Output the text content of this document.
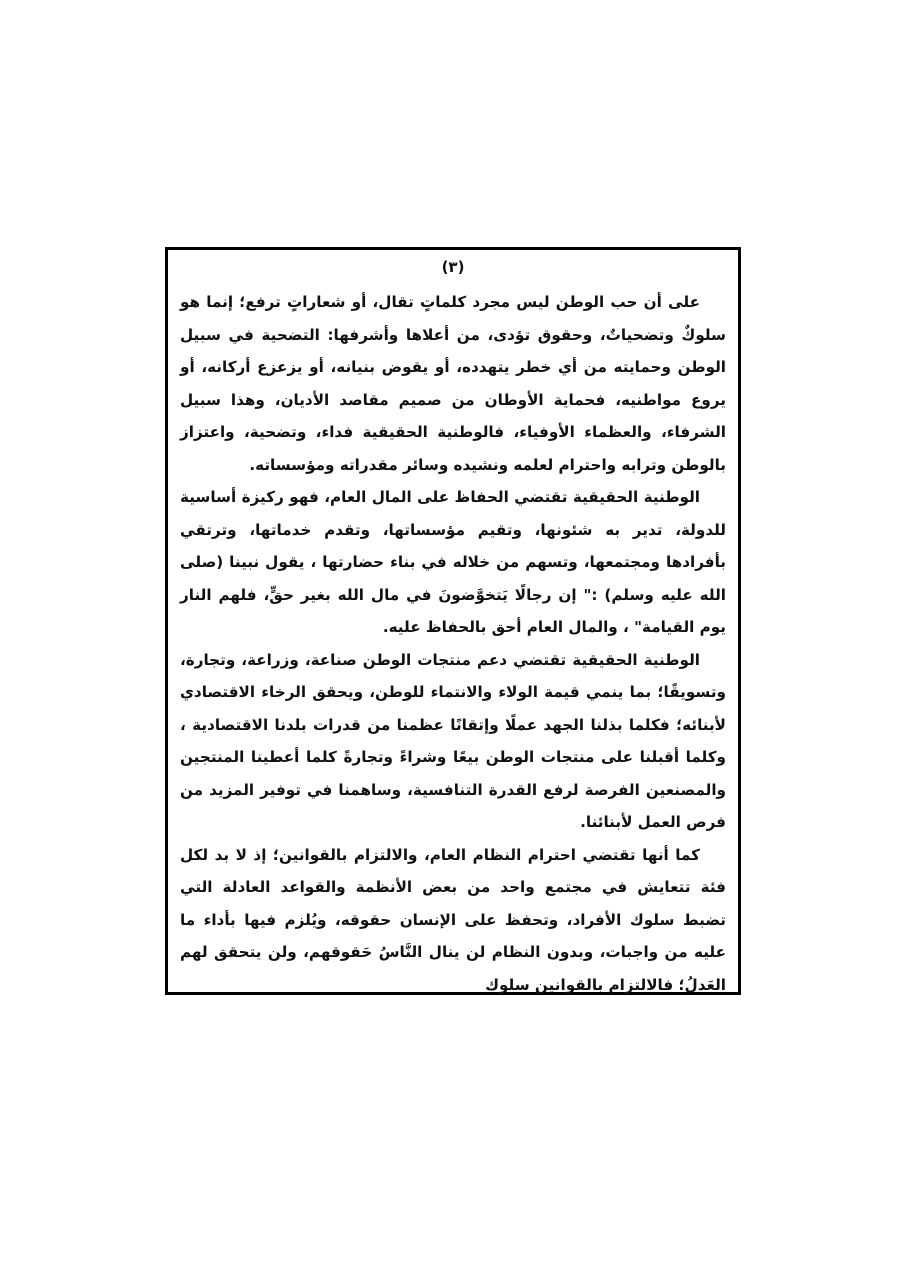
(٣)

على أن حب الوطن ليس مجرد كلماتٍ تقال، أو شعاراتٍ ترفع؛ إنما هو سلوكٌ وتضحياتٌ، وحقوق تؤدى، من أعلاها وأشرفها: التضحية في سبيل الوطن وحمايته من أي خطر يتهدده، أو يقوض بنيانه، أو يزعزع أركانه، أو يروع مواطنيه، فحماية الأوطان من صميم مقاصد الأديان، وهذا سبيل الشرفاء، والعظماء الأوفياء، فالوطنية الحقيقية فداء، وتضحية، واعتزاز بالوطن وترابه واحترام لعلمه ونشيده وسائر مقدراته ومؤسساته.

الوطنية الحقيقية تقتضي الحفاظ على المال العام، فهو ركيزة أساسية للدولة، تدير به شئونها، وتقيم مؤسساتها، وتقدم خدماتها، وترتقي بأفرادها ومجتمعها، وتسهم من خلاله في بناء حضارتها ، يقول نبينا (صلى الله عليه وسلم) :" إن رجالًا يَتخوَّضونَ في مال الله بغير حقٍّ، فلهم النار يوم القيامة" ، والمال العام أحق بالحفاظ عليه.

الوطنية الحقيقية تقتضي دعم منتجات الوطن صناعة، وزراعة، وتجارة، وتسويقًا؛ بما ينمي قيمة الولاء والانتماء للوطن، ويحقق الرخاء الاقتصادي لأبنائه؛ فكلما بذلنا الجهد عملًا وإتقانًا عظمنا من قدرات بلدنا الاقتصادية ، وكلما أقبلنا على منتجات الوطن بيعًا وشراءً وتجارةً كلما أعطينا المنتجين والمصنعين الفرصة لرفع القدرة التنافسية، وساهمنا في توفير المزيد من فرص العمل لأبنائنا.

كما أنها تقتضي احترام النظام العام، والالتزام بالقوانين؛ إذ لا بد لكل فئة تتعايش في مجتمع واحد من بعض الأنظمة والقواعد العادلة التي تضبط سلوك الأفراد، وتحفظ على الإنسان حقوقه، ويُلزم فيها بأداء ما عليه من واجبات، وبدون النظام لن ينال النَّاسُ حَقوقهم، ولن يتحقق لهم العَدلُ؛ فالالتزام بالقوانين سلوك
